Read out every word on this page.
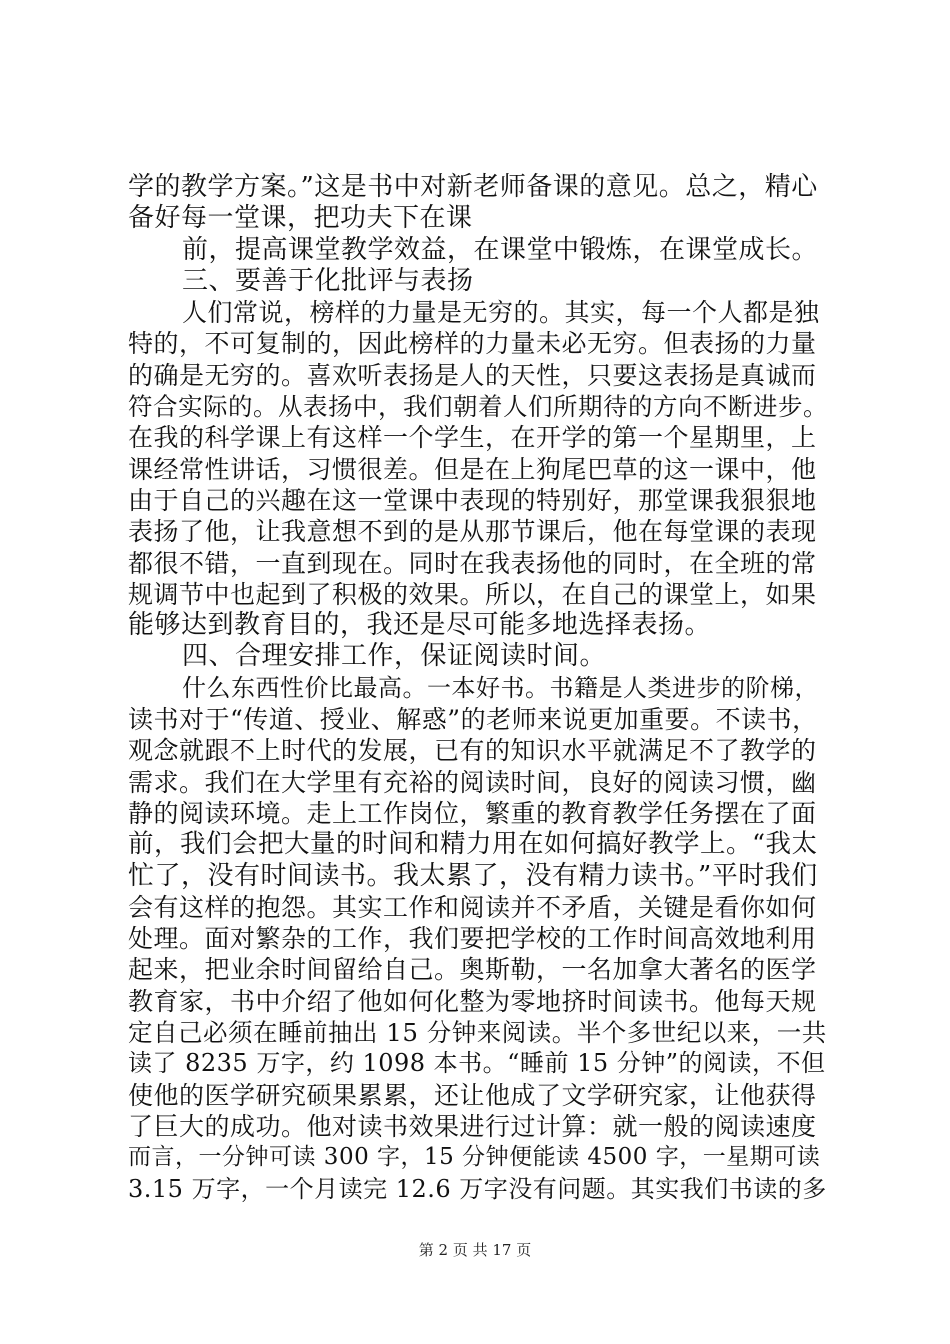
学的教学方案。”这是书中对新老师备课的意见。总之，精心
备好每一堂课，把功夫下在课
前，提高课堂教学效益，在课堂中锻炼，在课堂成长。
三、要善于化批评与表扬
人们常说，榜样的力量是无穷的。其实，每一个人都是独
特的，不可复制的，因此榜样的力量未必无穷。但表扬的力量
的确是无穷的。喜欢听表扬是人的天性，只要这表扬是真诚而
符合实际的。从表扬中，我们朝着人们所期待的方向不断进步。
在我的科学课上有这样一个学生，在开学的第一个星期里，上
课经常性讲话，习惯很差。但是在上狗尾巴草的这一课中，他
由于自己的兴趣在这一堂课中表现的特别好，那堂课我狠狠地
表扬了他，让我意想不到的是从那节课后，他在每堂课的表现
都很不错，一直到现在。同时在我表扬他的同时，在全班的常
规调节中也起到了积极的效果。所以，在自己的课堂上，如果
能够达到教育目的，我还是尽可能多地选择表扬。
四、合理安排工作，保证阅读时间。
什么东西性价比最高。一本好书。书籍是人类进步的阶梯，
读书对于“传道、授业、解惑”的老师来说更加重要。不读书，
观念就跟不上时代的发展，已有的知识水平就满足不了教学的
需求。我们在大学里有充裕的阅读时间，良好的阅读习惯，幽
静的阅读环境。走上工作岗位，繁重的教育教学任务摆在了面
前，我们会把大量的时间和精力用在如何搞好教学上。“我太
忙了，没有时间读书。我太累了，没有精力读书。”平时我们
会有这样的抱怨。其实工作和阅读并不矛盾，关键是看你如何
处理。面对繁杂的工作，我们要把学校的工作时间高效地利用
起来，把业余时间留给自己。奥斯勒，一名加拿大著名的医学
教育家，书中介绍了他如何化整为零地挤时间读书。他每天规
定自己必须在睡前抽出 15 分钟来阅读。半个多世纪以来，一共
读了 8235 万字，约 1098 本书。“睡前 15 分钟”的阅读，不但
使他的医学研究硕果累累，还让他成了文学研究家，让他获得
了巨大的成功。他对读书效果进行过计算：就一般的阅读速度
而言，一分钟可读 300 字，15 分钟便能读 4500 字，一星期可读
3.15 万字，一个月读完 12.6 万字没有问题。其实我们书读的多
第 2 页 共 17 页
